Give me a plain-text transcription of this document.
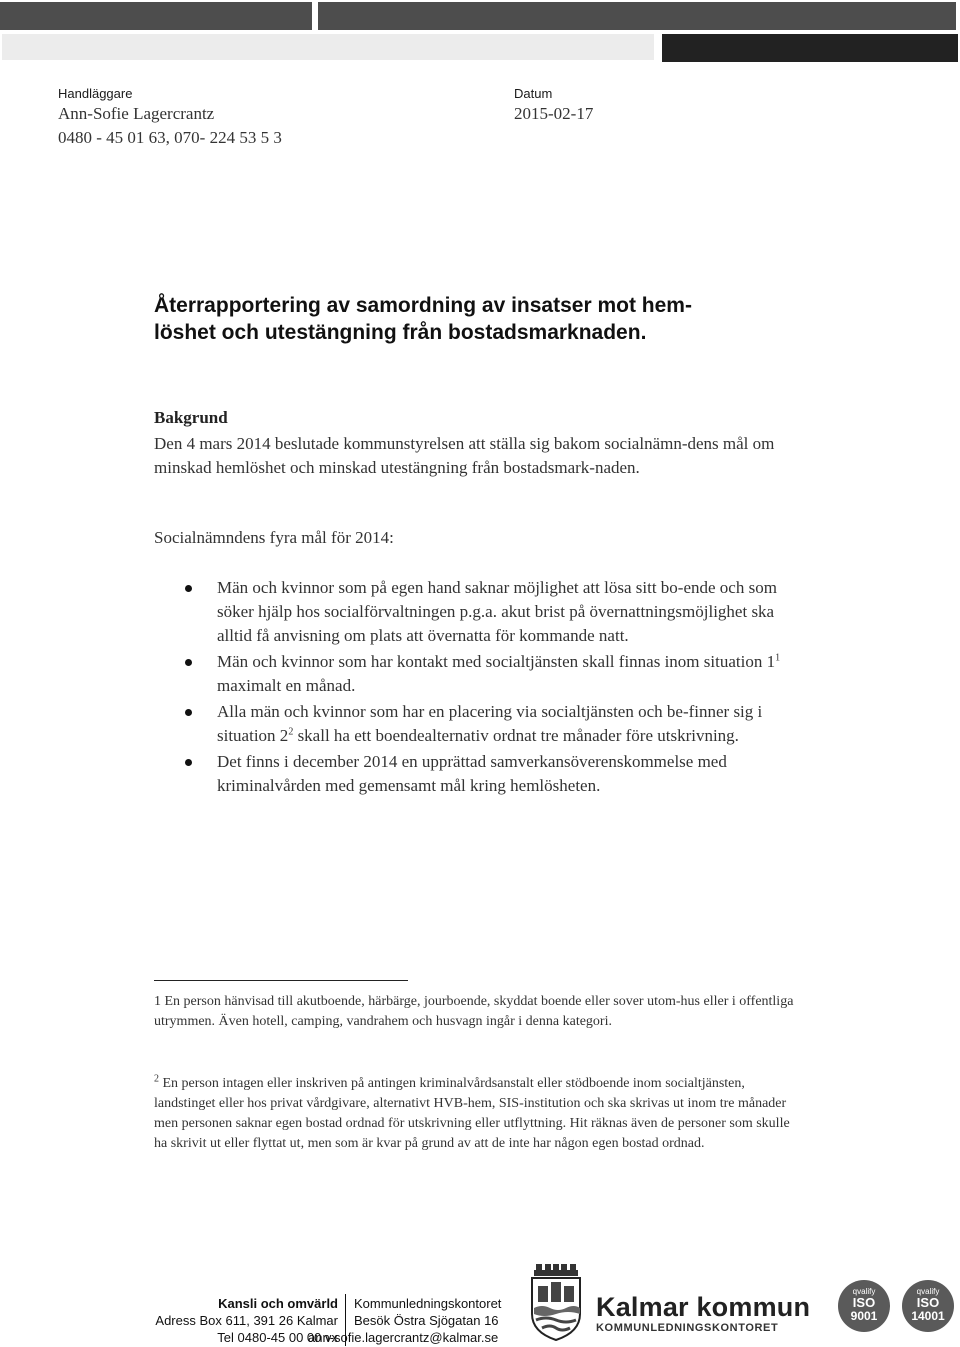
Handläggare
Ann-Sofie Lagercrantz
0480 - 45 01 63, 070- 224 53 5 3
Datum
2015-02-17
Återrapportering av samordning av insatser mot hem-
löshet och utestängning från bostadsmarknaden.
Bakgrund
Den 4 mars 2014 beslutade kommunstyrelsen att ställa sig bakom socialnämn-dens mål om minskad hemlöshet och minskad utestängning från bostadsmark-naden.
Socialnämndens fyra mål för 2014:
Män och kvinnor som på egen hand saknar möjlighet att lösa sitt bo-ende och som söker hjälp hos socialförvaltningen p.g.a. akut brist på övernattningsmöjlighet ska alltid få anvisning om plats att övernatta för kommande natt.
Män och kvinnor som har kontakt med socialtjänsten skall finnas inom situation $1^1$ maximalt en månad.
Alla män och kvinnor som har en placering via socialtjänsten och be-finner sig i situation $2^2$ skall ha ett boendealternativ ordnat tre månader före utskrivning.
Det finns i december 2014 en upprättad samverkansöverenskommelse med kriminalvården med gemensamt mål kring hemlösheten.
1 En person hänvisad till akutboende, härbärge, jourboende, skyddat boende eller sover utom-hus eller i offentliga utrymmen. Även hotell, camping, vandrahem och husvagn ingår i denna kategori.
$^2$ En person intagen eller inskriven på antingen kriminalvårdsanstalt eller stödboende inom socialtjänsten, landstinget eller hos privat vårdgivare, alternativt HVB-hem, SIS-institution och ska skrivas ut inom tre månader men personen saknar egen bostad ordnad för utskrivning eller utflyttning. Hit räknas även de personer som skulle ha skrivit ut eller flyttat ut, men som är kvar på grund av att de inte har någon egen bostad ordnad.
Kansli och omvärld
Adress Box 611, 391 26 Kalmar
Tel 0480-45 00 00 vx
Kommunledningskontoret
Besök Östra Sjögatan 16
ann-sofie.lagercrantz@kalmar.se
Kalmar kommun
KOMMUNLEDNINGSKONTORET
qvalify
ISO
9001
qvalify
ISO
14001
